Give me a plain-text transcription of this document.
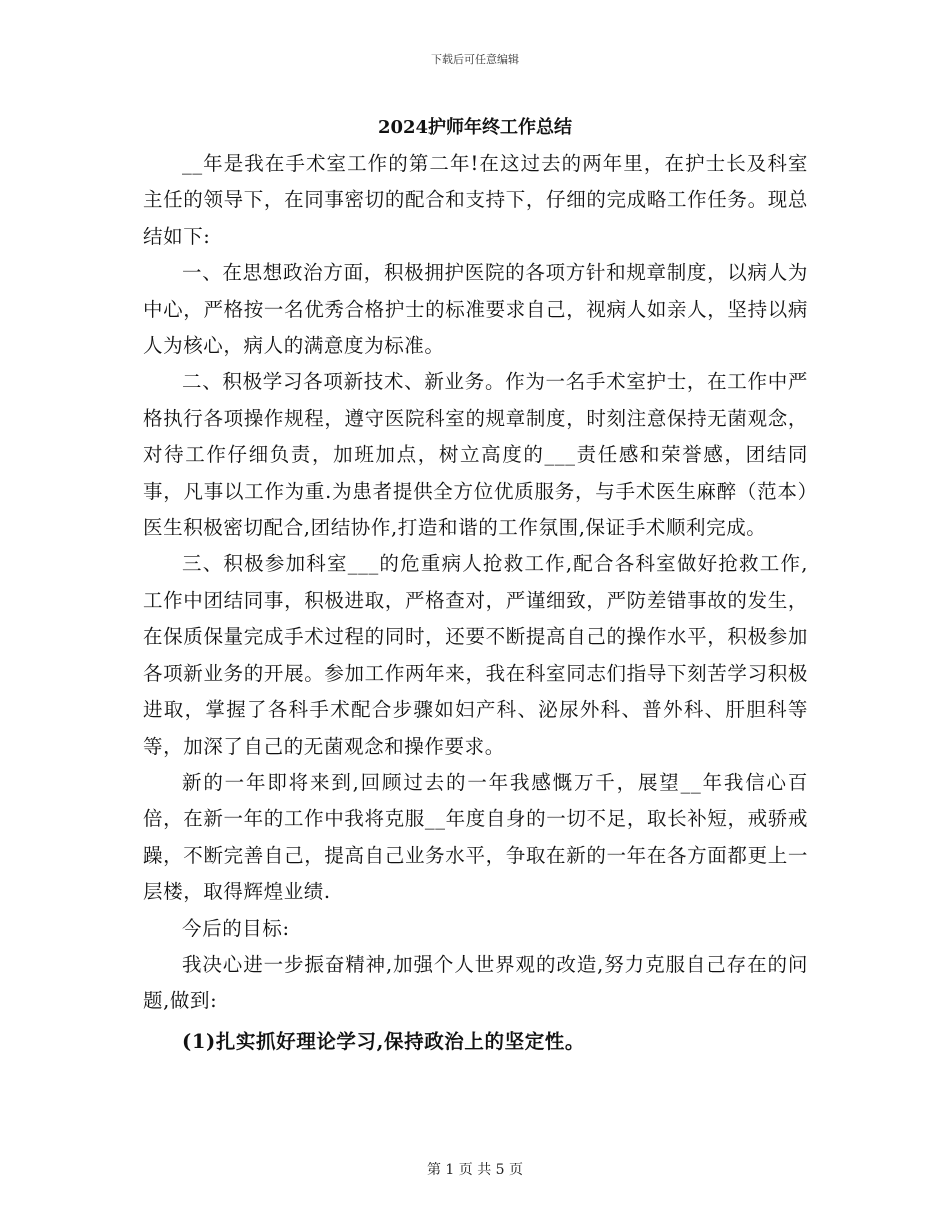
下载后可任意编辑
2024护师年终工作总结

__年是我在手术室工作的第二年!在这过去的两年里，在护士长及科室主任的领导下，在同事密切的配合和支持下，仔细的完成略工作任务。现总结如下:

一、在思想政治方面，积极拥护医院的各项方针和规章制度，以病人为中心，严格按一名优秀合格护士的标准要求自己，视病人如亲人，坚持以病人为核心，病人的满意度为标准。

二、积极学习各项新技术、新业务。作为一名手术室护士，在工作中严格执行各项操作规程，遵守医院科室的规章制度，时刻注意保持无菌观念，对待工作仔细负责，加班加点，树立高度的___责任感和荣誉感，团结同事，凡事以工作为重.为患者提供全方位优质服务，与手术医生麻醉（范本）医生积极密切配合,团结协作,打造和谐的工作氛围,保证手术顺利完成。

三、积极参加科室___的危重病人抢救工作,配合各科室做好抢救工作,工作中团结同事，积极进取，严格查对，严谨细致，严防差错事故的发生，在保质保量完成手术过程的同时，还要不断提高自己的操作水平，积极参加各项新业务的开展。参加工作两年来，我在科室同志们指导下刻苦学习积极进取，掌握了各科手术配合步骤如妇产科、泌尿外科、普外科、肝胆科等等，加深了自己的无菌观念和操作要求。

新的一年即将来到,回顾过去的一年我感慨万千，展望__年我信心百倍，在新一年的工作中我将克服__年度自身的一切不足，取长补短，戒骄戒躁，不断完善自己，提高自己业务水平，争取在新的一年在各方面都更上一层楼，取得辉煌业绩.

今后的目标:

我决心进一步振奋精神,加强个人世界观的改造,努力克服自己存在的问题,做到:

(1)扎实抓好理论学习,保持政治上的坚定性。

第 1 页 共 5 页
